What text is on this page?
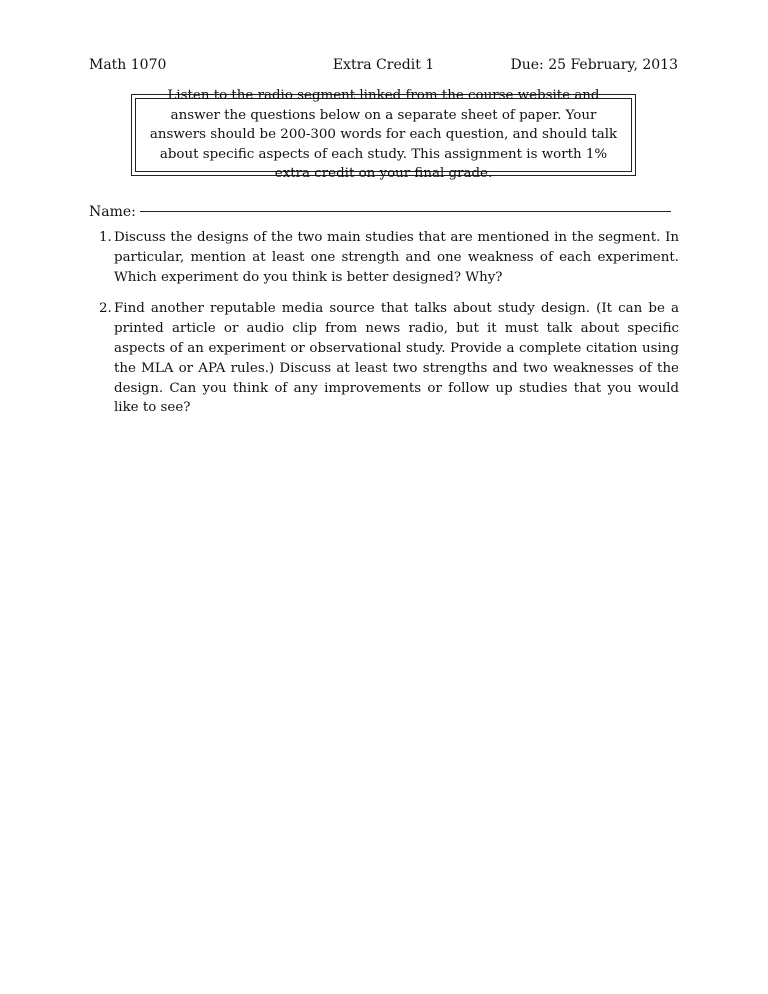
Math 1070	Extra Credit 1	Due: 25 February, 2013
Listen to the radio segment linked from the course website and answer the questions below on a separate sheet of paper. Your answers should be 200-300 words for each question, and should talk about specific aspects of each study. This assignment is worth 1% extra credit on your final grade.
Name:
1. Discuss the designs of the two main studies that are mentioned in the segment. In particular, mention at least one strength and one weakness of each experiment. Which experiment do you think is better designed? Why?
2. Find another reputable media source that talks about study design. (It can be a printed article or audio clip from news radio, but it must talk about specific aspects of an experiment or observational study. Provide a complete citation using the MLA or APA rules.) Discuss at least two strengths and two weaknesses of the design. Can you think of any improvements or follow up studies that you would like to see?
